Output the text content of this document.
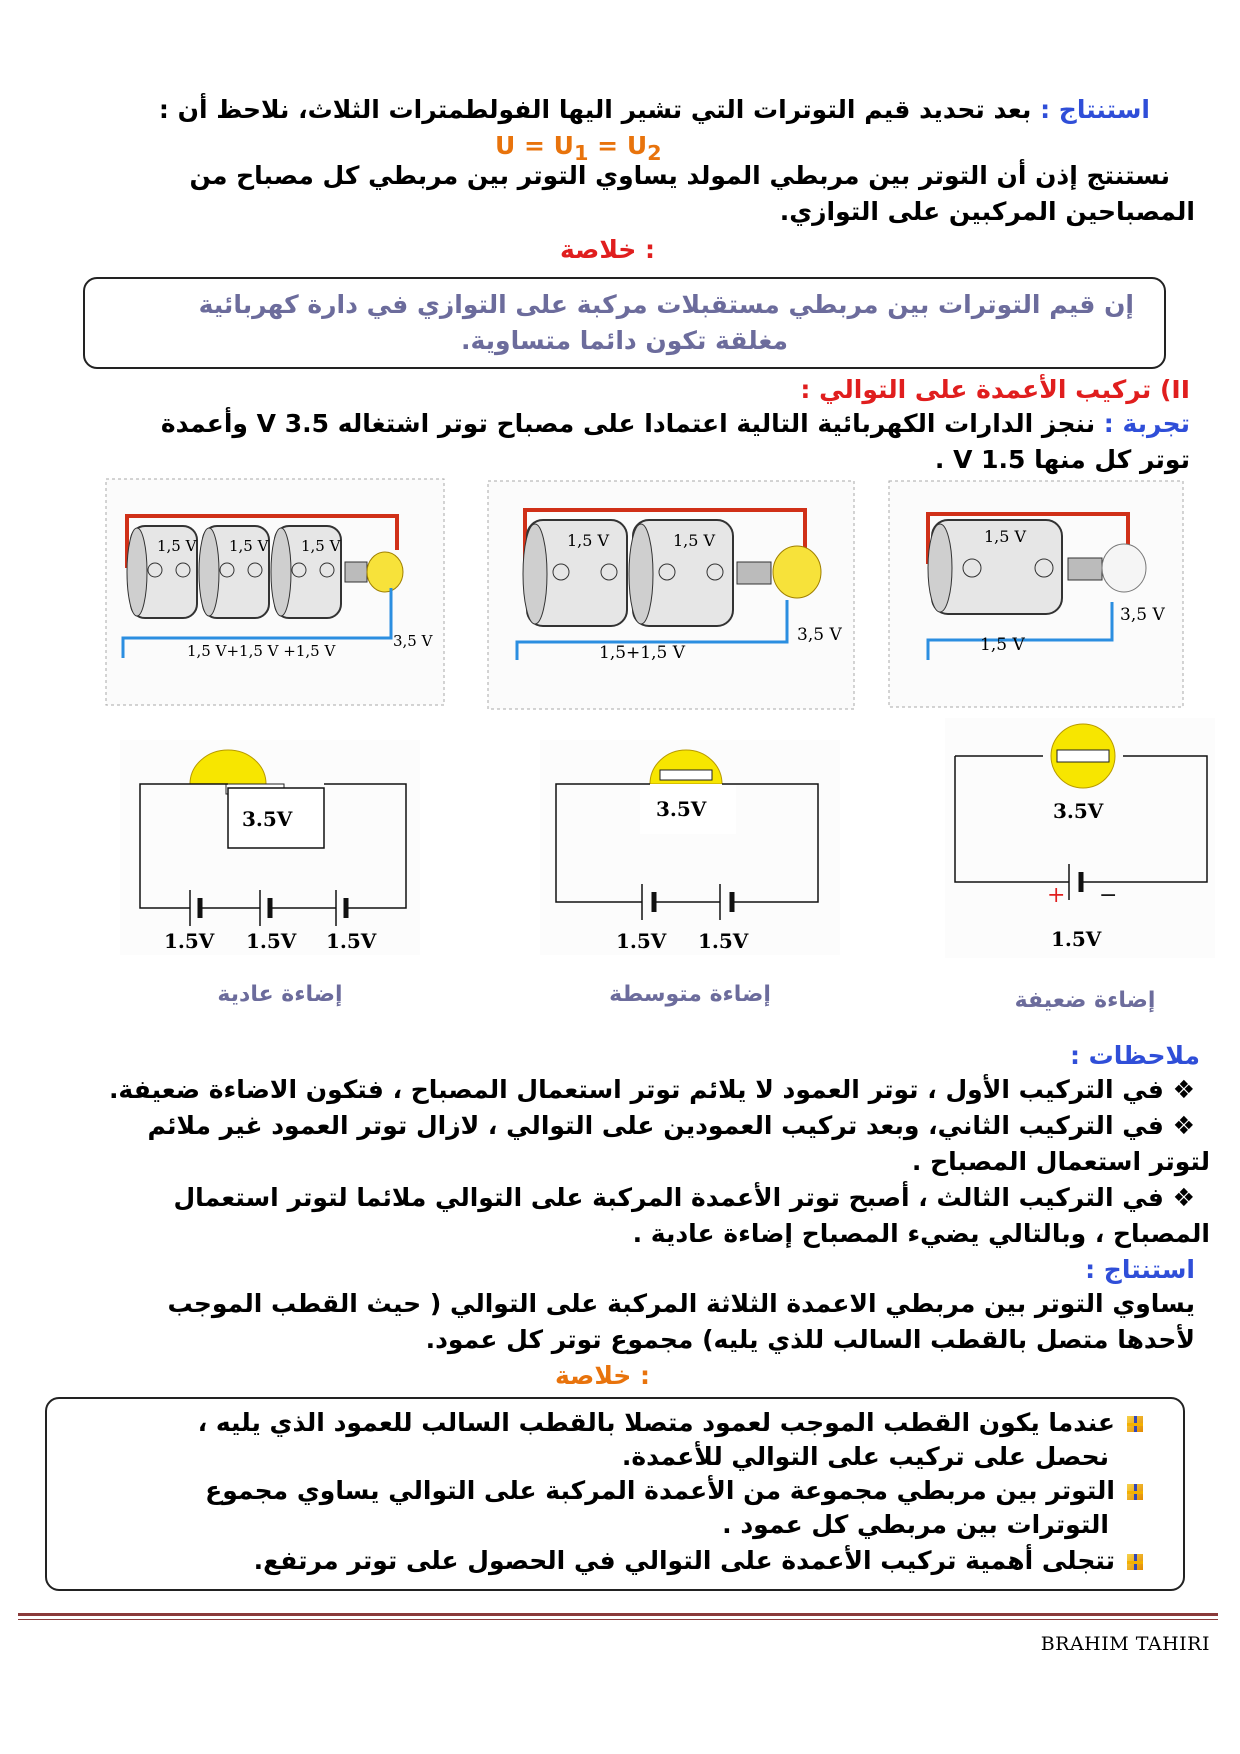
استنتاج : بعد تحديد قيم التوترات التي تشير اليها الفولطمترات الثلاث، نلاحظ أن :
$U = U_1 = U_2$
نستنتج إذن أن التوتر بين مربطي المولد يساوي التوتر بين مربطي كل مصباح من
المصباحين المركبين على التوازي.
خلاصة :
إن قيم التوترات بين مربطي مستقبلات مركبة على التوازي في دارة كهربائية
مغلقة تكون دائما متساوية.
II) تركيب الأعمدة على التوالي :
تجربة : ننجز الدارات الكهربائية التالية اعتمادا على مصباح توتر اشتغاله 3.5 V وأعمدة
توتر كل منها 1.5 V .
1,5 V 1,5 V 1,5 V
1,5 V+1,5 V +1,5 V
3,5 V
1,5 V	1,5 V
1,5+1,5 V
3,5 V
1,5 V
1,5 V
3,5 V
3.5V
1.5V 1.5V 1.5V
3.5V
1.5V 1.5V
3.5V
+ −
1.5V
إضاءة عادية	إضاءة متوسطة	إضاءة ضعيفة
ملاحظات :
❖ في التركيب الأول ، توتر العمود لا يلائم توتر استعمال المصباح ، فتكون الاضاءة ضعيفة.
❖ في التركيب الثاني، وبعد تركيب العمودين على التوالي ، لازال توتر العمود غير ملائم
لتوتر استعمال المصباح .
❖ في التركيب الثالث ، أصبح توتر الأعمدة المركبة على التوالي ملائما لتوتر استعمال
المصباح ، وبالتالي يضيء المصباح إضاءة عادية .
استنتاج :
يساوي التوتر بين مربطي الاعمدة الثلاثة المركبة على التوالي ( حيث القطب الموجب
لأحدها متصل بالقطب السالب للذي يليه) مجموع توتر كل عمود.
خلاصة :
عندما يكون القطب الموجب لعمود متصلا بالقطب السالب للعمود الذي يليه ،
نحصل على تركيب على التوالي للأعمدة.
التوتر بين مربطي مجموعة من الأعمدة المركبة على التوالي يساوي مجموع
التوترات بين مربطي كل عمود .
تتجلى أهمية تركيب الأعمدة على التوالي في الحصول على توتر مرتفع.
BRAHIM TAHIRI
